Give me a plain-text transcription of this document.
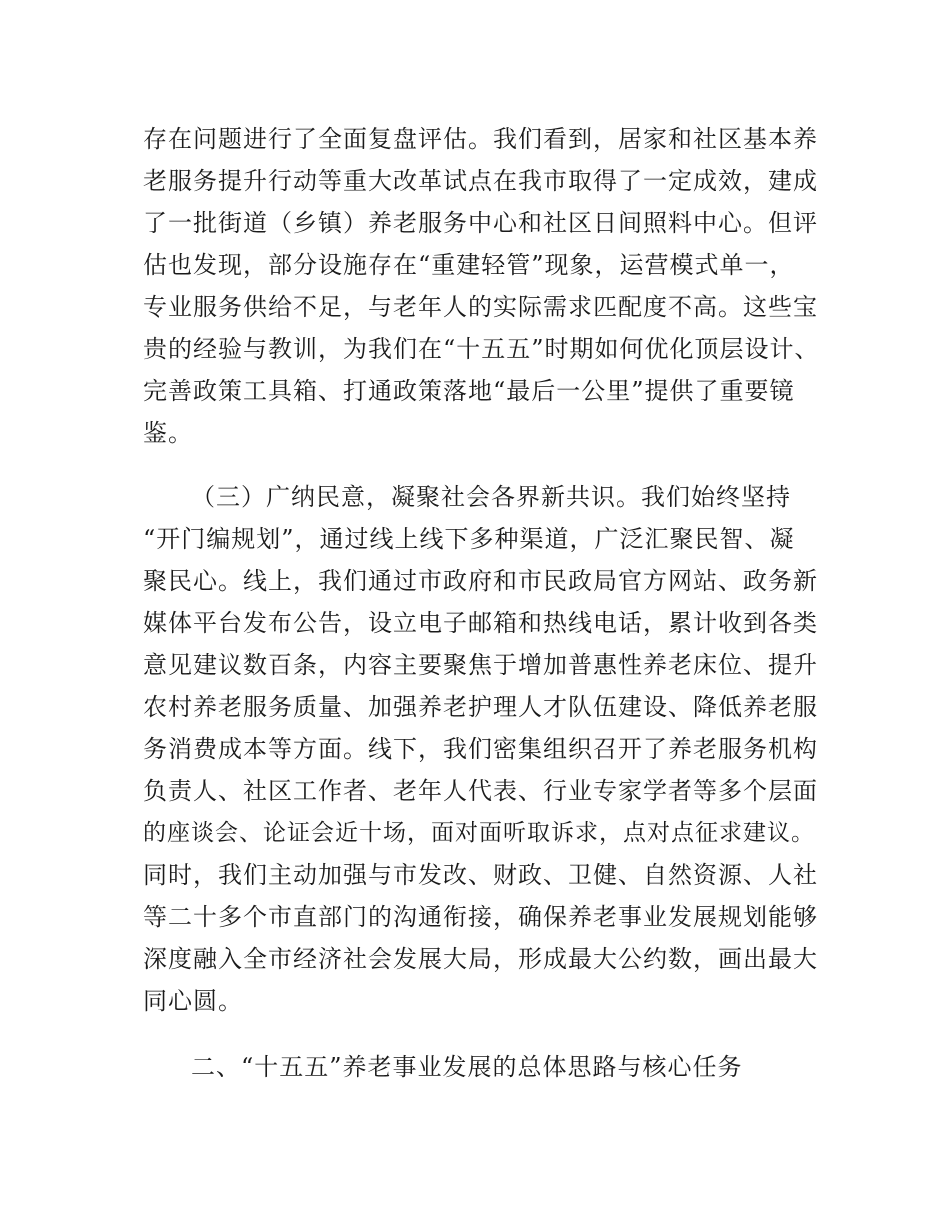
存在问题进行了全面复盘评估。我们看到，居家和社区基本养
老服务提升行动等重大改革试点在我市取得了一定成效，建成
了一批街道（乡镇）养老服务中心和社区日间照料中心。但评
估也发现，部分设施存在“重建轻管”现象，运营模式单一，
专业服务供给不足，与老年人的实际需求匹配度不高。这些宝
贵的经验与教训，为我们在“十五五”时期如何优化顶层设计、
完善政策工具箱、打通政策落地“最后一公里”提供了重要镜
鉴。
（三）广纳民意，凝聚社会各界新共识。我们始终坚持
“开门编规划”，通过线上线下多种渠道，广泛汇聚民智、凝
聚民心。线上，我们通过市政府和市民政局官方网站、政务新
媒体平台发布公告，设立电子邮箱和热线电话，累计收到各类
意见建议数百条，内容主要聚焦于增加普惠性养老床位、提升
农村养老服务质量、加强养老护理人才队伍建设、降低养老服
务消费成本等方面。线下，我们密集组织召开了养老服务机构
负责人、社区工作者、老年人代表、行业专家学者等多个层面
的座谈会、论证会近十场，面对面听取诉求，点对点征求建议。
同时，我们主动加强与市发改、财政、卫健、自然资源、人社
等二十多个市直部门的沟通衔接，确保养老事业发展规划能够
深度融入全市经济社会发展大局，形成最大公约数，画出最大
同心圆。
二、“十五五”养老事业发展的总体思路与核心任务
